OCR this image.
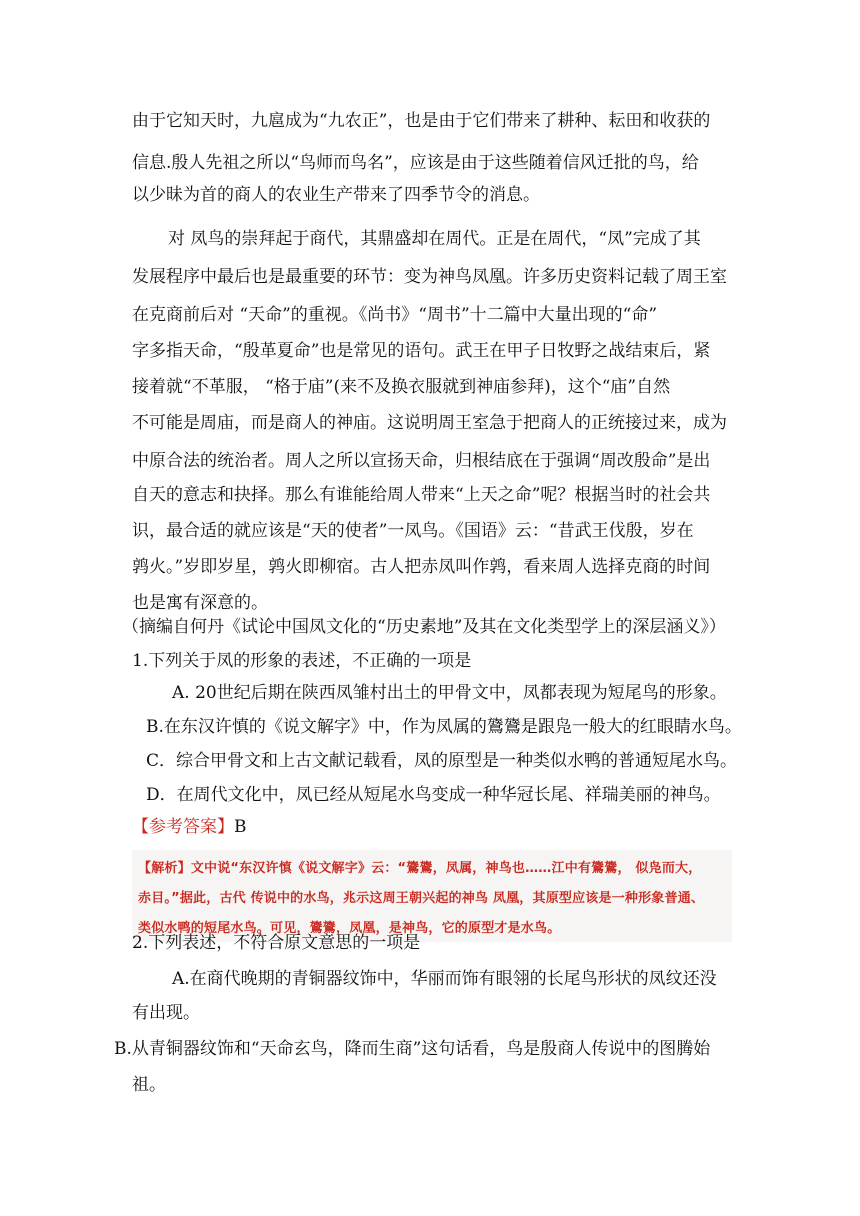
由于它知天时，九扈成为“九农正”，也是由于它们带来了耕种、耘田和收获的
信息.殷人先祖之所以“鸟师而鸟名”，应该是由于这些随着信风迁批的鸟，给
以少昧为首的商人的农业生产带来了四季节令的消息。
对 凤鸟的崇拜起于商代，其鼎盛却在周代。正是在周代，“凤”完成了其
发展程序中最后也是最重要的环节：变为神鸟凤凰。许多历史资料记载了周王室
在克商前后对 “天命”的重视。《尚书》“周书”十二篇中大量出现的“命”
字多指天命，“殷革夏命”也是常见的语句。武王在甲子日牧野之战结束后，紧
接着就“不革服， “格于庙”(来不及换衣服就到神庙参拜)，这个“庙”自然
不可能是周庙，而是商人的神庙。这说明周王室急于把商人的正统接过来，成为
中原合法的统治者。周人之所以宣扬天命，归根结底在于强调“周改殷命”是出
自天的意志和抉择。那么有谁能给周人带来“上天之命”呢？根据当时的社会共
识，最合适的就应该是“天的使者”一凤鸟。《国语》云：“昔武王伐殷，岁在
鹑火。”岁即岁星，鹑火即柳宿。古人把赤凤叫作鹑，看来周人选择克商的时间
也是寓有深意的。
（摘编自何丹《试论中国凤文化的“历史素地”及其在文化类型学上的深层涵义》）
1.下列关于凤的形象的表述，不正确的一项是
A. 20世纪后期在陕西凤雏村出土的甲骨文中，凤都表现为短尾鸟的形象。
B.在东汉许慎的《说文解字》中，作为凤属的鷟鷟是跟凫一般大的红眼睛水鸟。
C．综合甲骨文和上古文献记载看，凤的原型是一种类似水鸭的普通短尾水鸟。
D．在周代文化中，凤已经从短尾水鸟变成一种华冠长尾、祥瑞美丽的神鸟。
【参考答案】B
【解析】文中说“东汉许慎《说文解字》云：“鷟鷟，凤属，神鸟也……江中有鷟鷟， 似凫而大，
赤目。”据此，古代 传说中的水鸟，兆示这周王朝兴起的神鸟 凤凰，其原型应该是一种形象普通、
类似水鸭的短尾水鸟。可见，鷟鷟，凤凰，是神鸟，它的原型才是水鸟。
2.下列表述，不符合原文意思的一项是
A.在商代晚期的青铜器纹饰中，华丽而饰有眼翎的长尾鸟形状的凤纹还没
有出现。
B.从青铜器纹饰和“天命玄鸟，降而生商”这句话看，鸟是殷商人传说中的图腾始
祖。
